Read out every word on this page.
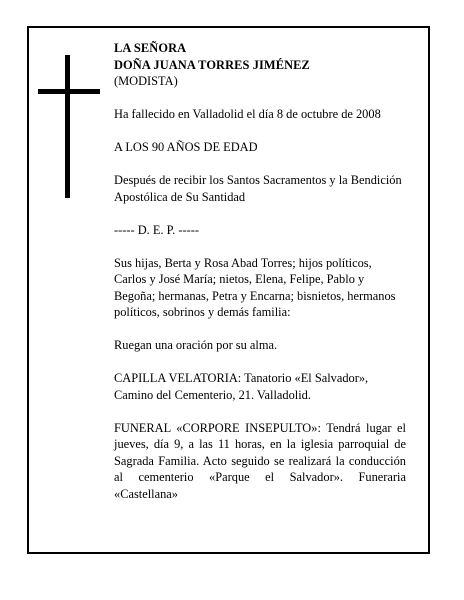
LA SEÑORA

DOÑA JUANA TORRES JIMÉNEZ

(MODISTA)

Ha fallecido en Valladolid el día 8 de octubre de 2008

A LOS 90 AÑOS DE EDAD

Después de recibir los Santos Sacramentos y la Bendición Apostólica de Su Santidad

----- D. E. P. -----

Sus hijas, Berta y Rosa Abad Torres; hijos políticos, Carlos y José María; nietos, Elena, Felipe, Pablo y Begoña; hermanas, Petra y Encarna; bisnietos, hermanos políticos, sobrinos y demás familia:

Ruegan una oración por su alma.

CAPILLA VELATORIA: Tanatorio «El Salvador», Camino del Cementerio, 21. Valladolid.

FUNERAL «CORPORE INSEPULTO»: Tendrá lugar el jueves, día 9, a las 11 horas, en la iglesia parroquial de Sagrada Familia. Acto seguido se realizará la conducción al cementerio «Parque el Salvador». Funeraria «Castellana»
